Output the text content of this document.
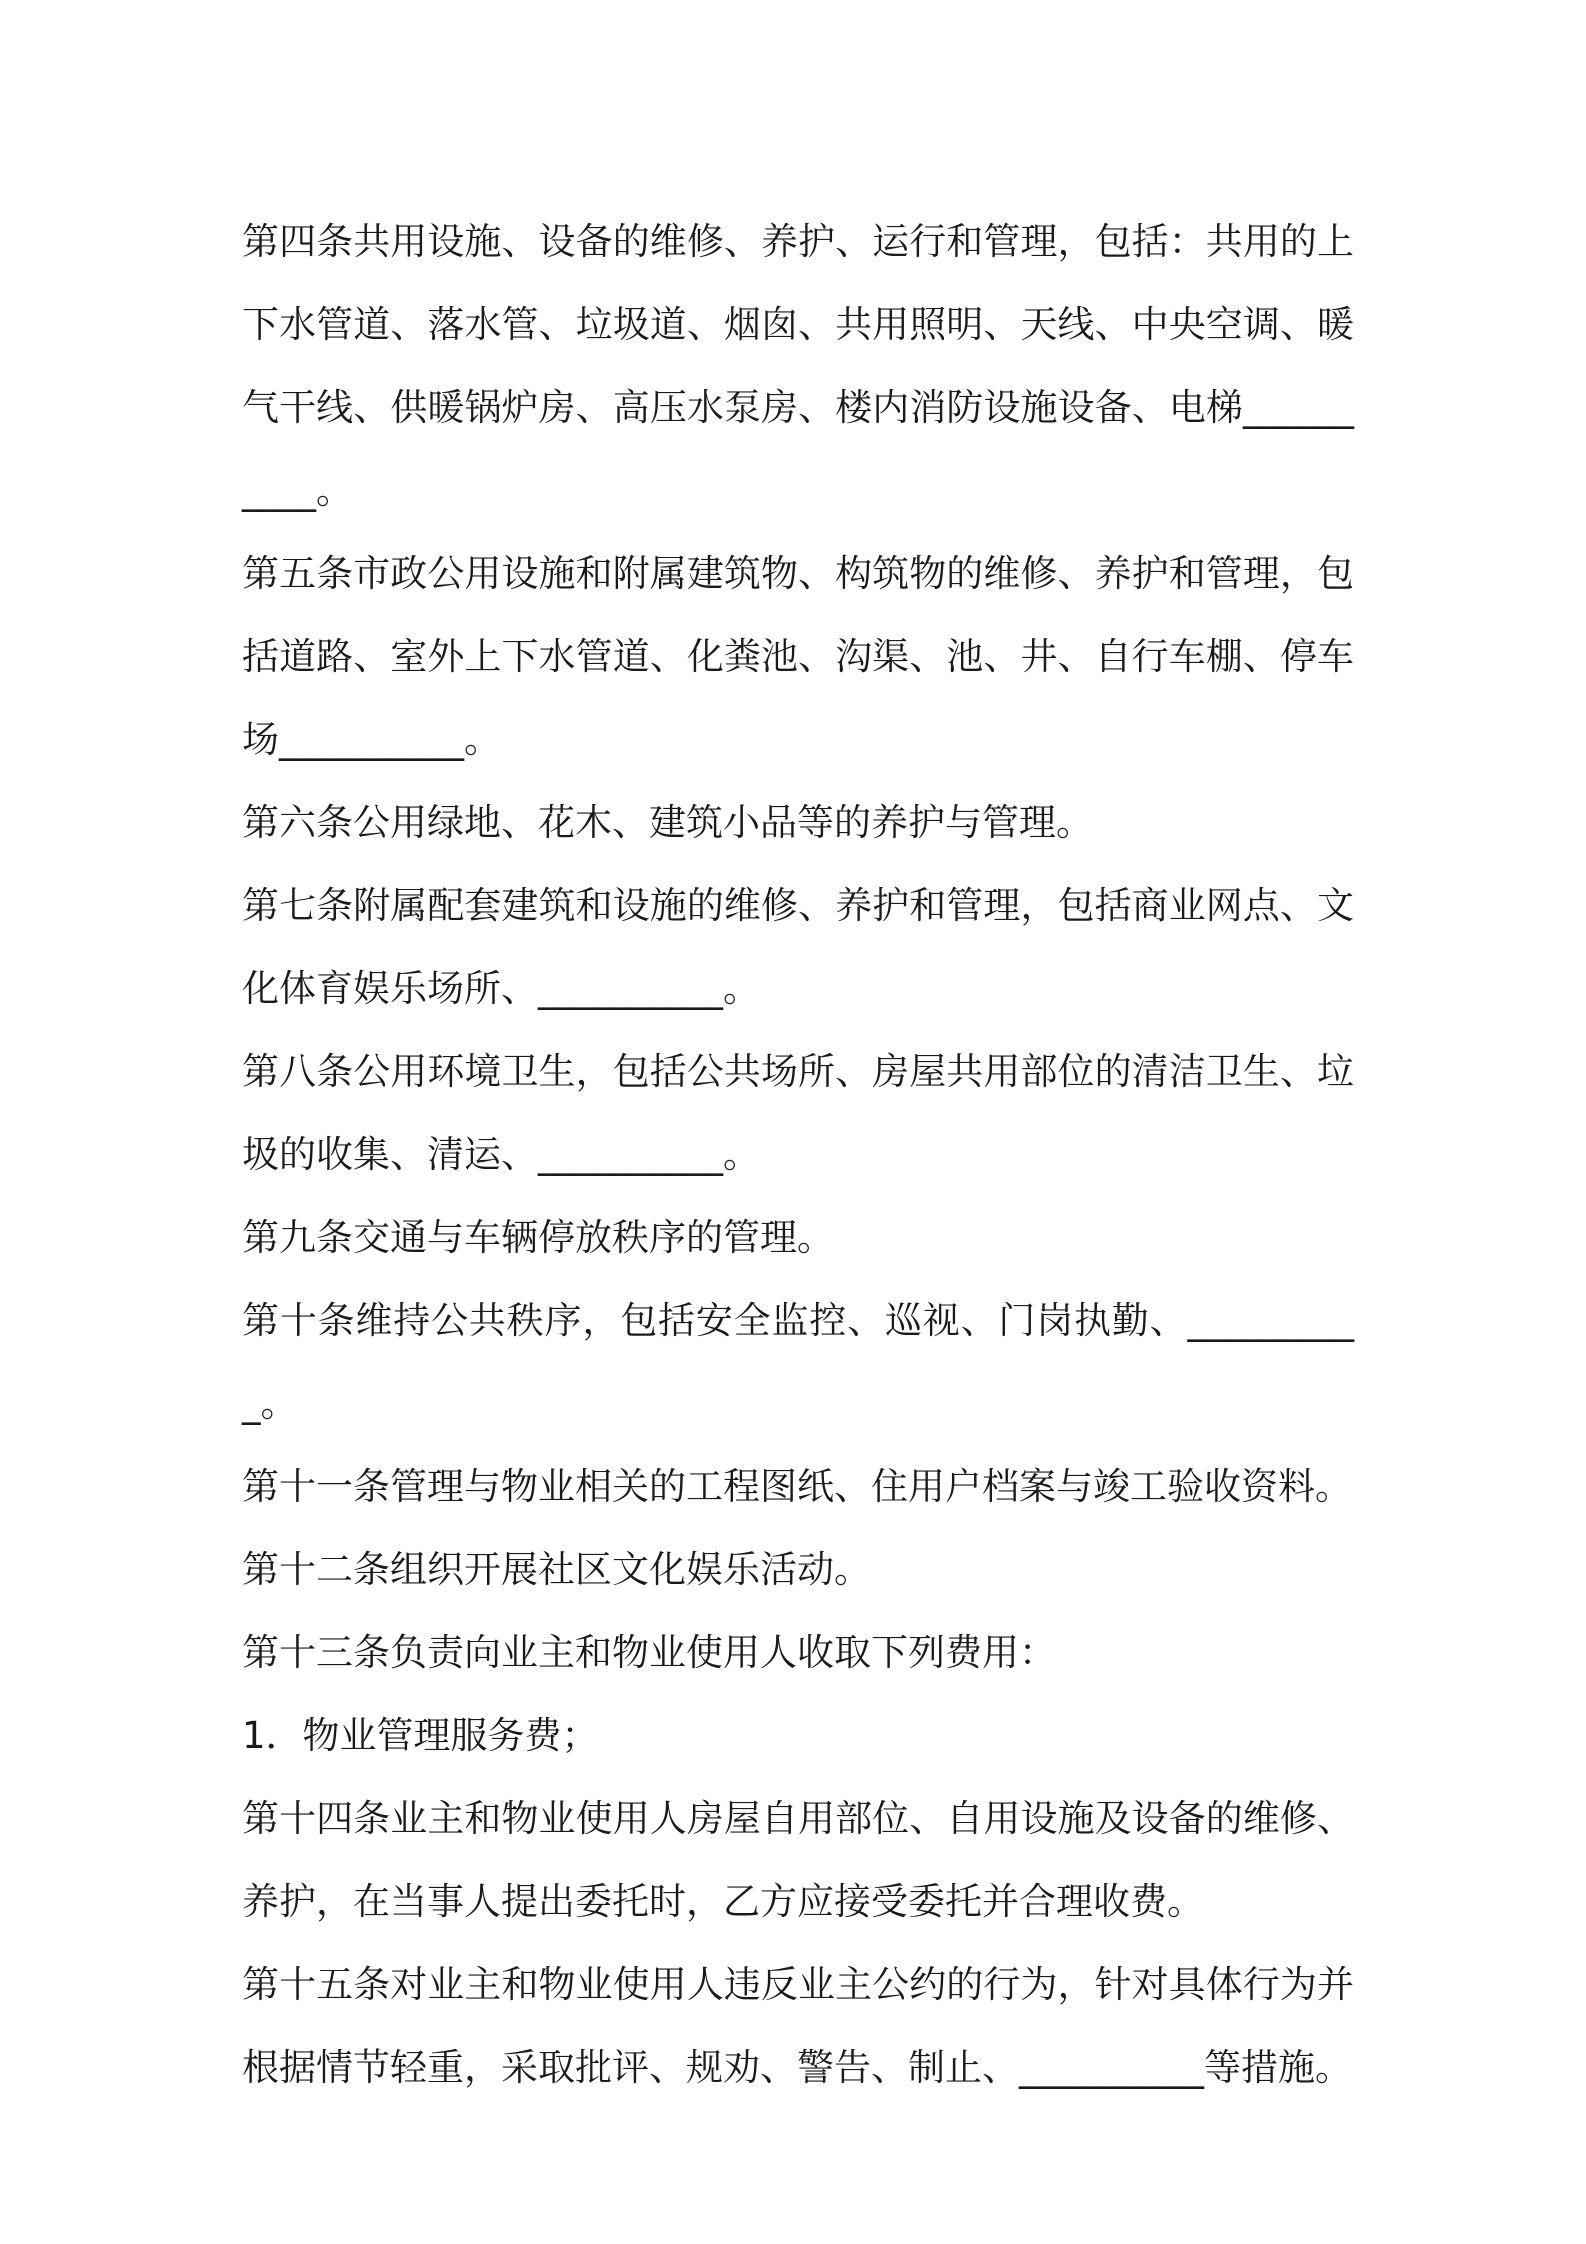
第四条共用设施、设备的维修、养护、运行和管理，包括：共用的上下水管道、落水管、垃圾道、烟囱、共用照明、天线、中央空调、暖气干线、供暖锅炉房、高压水泵房、楼内消防设施设备、电梯__________。

第五条市政公用设施和附属建筑物、构筑物的维修、养护和管理，包括道路、室外上下水管道、化粪池、沟渠、池、井、自行车棚、停车场__________。

第六条公用绿地、花木、建筑小品等的养护与管理。

第七条附属配套建筑和设施的维修、养护和管理，包括商业网点、文化体育娱乐场所、__________。

第八条公用环境卫生，包括公共场所、房屋共用部位的清洁卫生、垃圾的收集、清运、__________。

第九条交通与车辆停放秩序的管理。

第十条维持公共秩序，包括安全监控、巡视、门岗执勤、__________。

第十一条管理与物业相关的工程图纸、住用户档案与竣工验收资料。

第十二条组织开展社区文化娱乐活动。

第十三条负责向业主和物业使用人收取下列费用：

1．物业管理服务费；

第十四条业主和物业使用人房屋自用部位、自用设施及设备的维修、养护，在当事人提出委托时，乙方应接受委托并合理收费。

第十五条对业主和物业使用人违反业主公约的行为，针对具体行为并根据情节轻重，采取批评、规劝、警告、制止、__________等措施。
